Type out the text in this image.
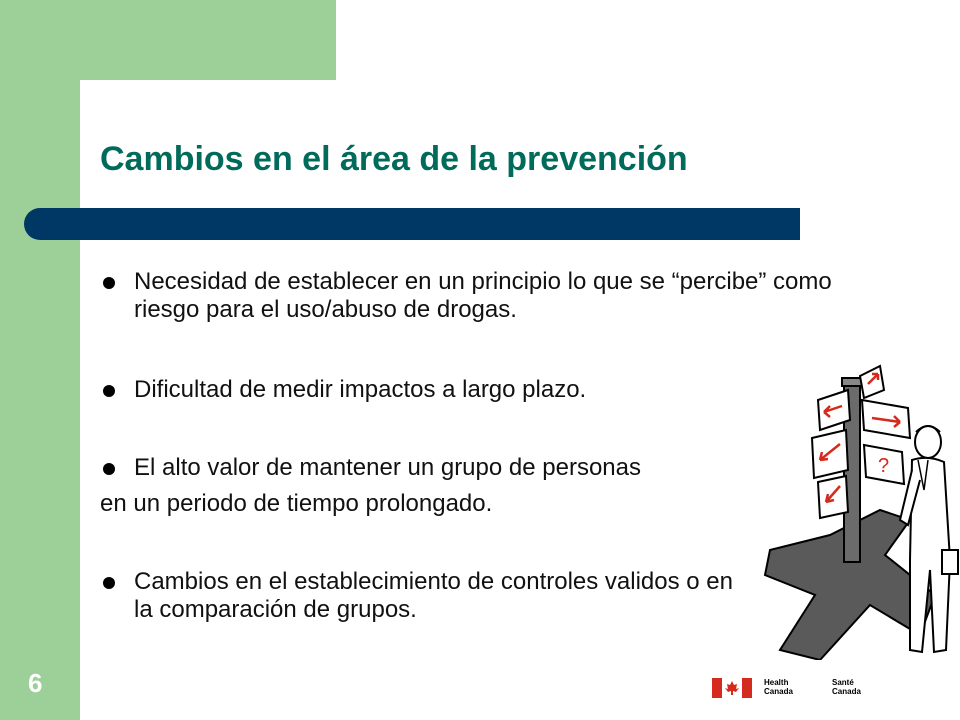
Cambios en el área de la prevención
Necesidad de establecer en un principio lo que se “percibe” como riesgo para el uso/abuso de drogas.
Dificultad de medir impactos a largo plazo.
El alto valor de mantener un grupo de personas
Cambios en el establecimiento de controles validos o en la comparación de grupos.
en un periodo de tiempo prolongado.
?
Health
Canada
Santé
Canada
6
